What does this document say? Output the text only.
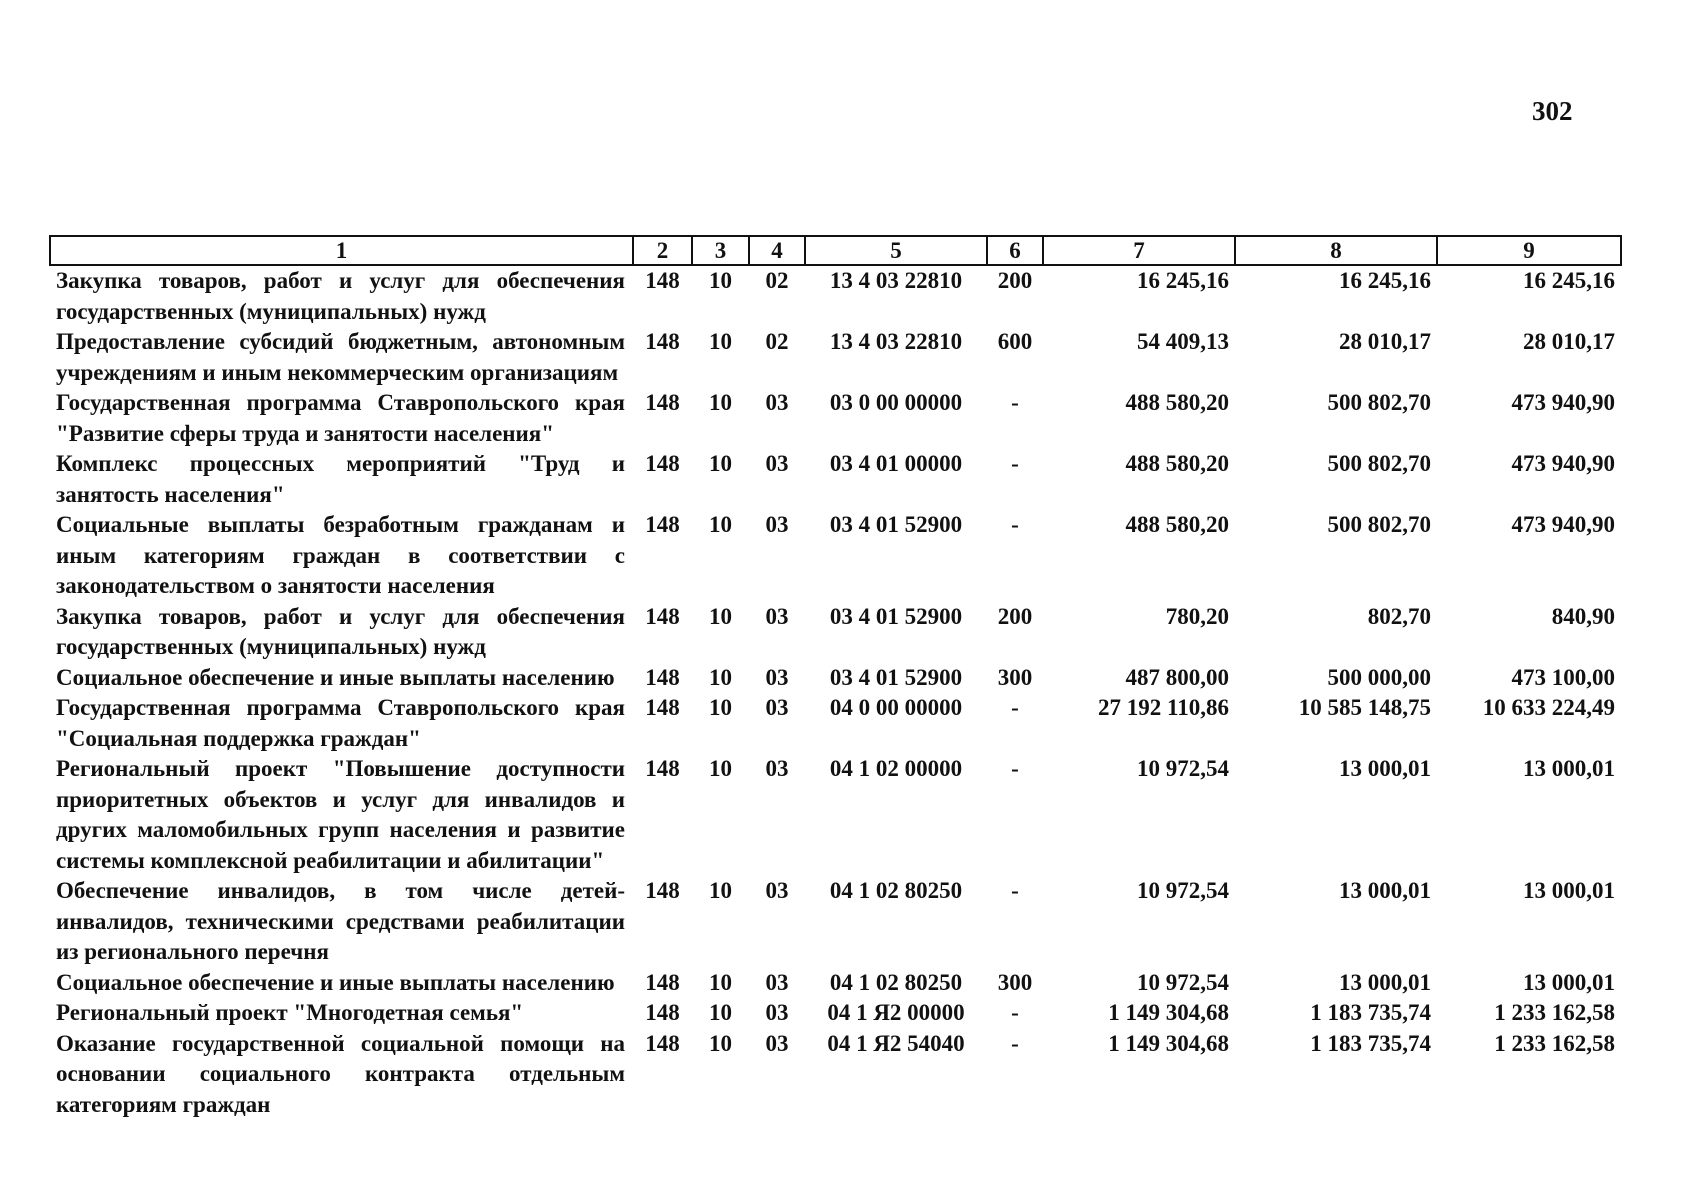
302
1	2	3	4	5	6	7	8	9
Закупка товаров, работ и услуг для обеспечения государственных (муниципальных) нужд	148	10	02	13 4 03 22810	200	16 245,16	16 245,16	16 245,16
Предоставление субсидий бюджетным, автономным учреждениям и иным некоммерческим организациям	148	10	02	13 4 03 22810	600	54 409,13	28 010,17	28 010,17
Государственная программа Ставропольского края "Развитие сферы труда и занятости населения"	148	10	03	03 0 00 00000	-	488 580,20	500 802,70	473 940,90
Комплекс процессных мероприятий "Труд и занятость населения"	148	10	03	03 4 01 00000	-	488 580,20	500 802,70	473 940,90
Социальные выплаты безработным гражданам и иным категориям граждан в соответствии с законодательством о занятости населения	148	10	03	03 4 01 52900	-	488 580,20	500 802,70	473 940,90
Закупка товаров, работ и услуг для обеспечения государственных (муниципальных) нужд	148	10	03	03 4 01 52900	200	780,20	802,70	840,90
Социальное обеспечение и иные выплаты населению	148	10	03	03 4 01 52900	300	487 800,00	500 000,00	473 100,00
Государственная программа Ставропольского края "Социальная поддержка граждан"	148	10	03	04 0 00 00000	-	27 192 110,86	10 585 148,75	10 633 224,49
Региональный проект "Повышение доступности приоритетных объектов и услуг для инвалидов и других маломобильных групп населения и развитие системы комплексной реабилитации и абилитации"	148	10	03	04 1 02 00000	-	10 972,54	13 000,01	13 000,01
Обеспечение инвалидов, в том числе детей-инвалидов, техническими средствами реабилитации из регионального перечня	148	10	03	04 1 02 80250	-	10 972,54	13 000,01	13 000,01
Социальное обеспечение и иные выплаты населению	148	10	03	04 1 02 80250	300	10 972,54	13 000,01	13 000,01
Региональный проект "Многодетная семья"	148	10	03	04 1 Я2 00000	-	1 149 304,68	1 183 735,74	1 233 162,58
Оказание государственной социальной помощи на основании социального контракта отдельным категориям граждан	148	10	03	04 1 Я2 54040	-	1 149 304,68	1 183 735,74	1 233 162,58
